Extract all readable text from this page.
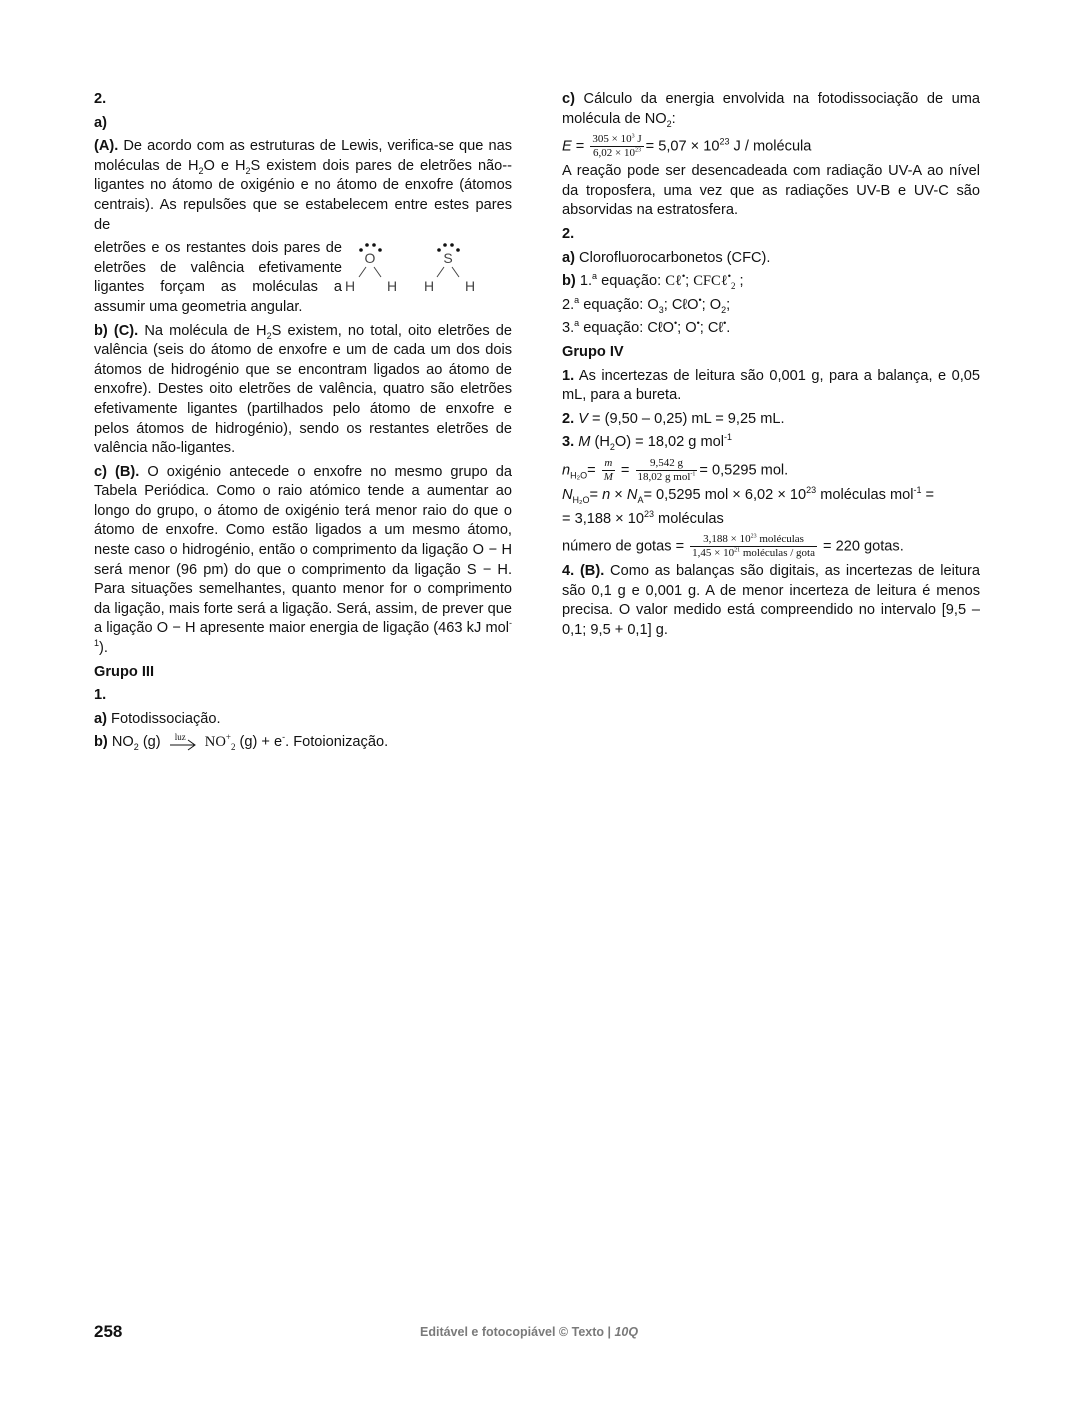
2.

a)

(A). De acordo com as estruturas de Lewis, verifica-se que nas moléculas de $H_2O$ e $H_2S$ existem dois pares de eletrões não--ligantes no átomo de oxigénio e no átomo de enxofre (átomos centrais). As repulsões que se estabelecem entre estes pares de

eletrões e os restantes dois pares de eletrões de valência efetivamente ligantes forçam as moléculas a assumir uma geometria angular.

O
H H
S
H H

b) (C). Na molécula de $H_2S$ existem, no total, oito eletrões de valência (seis do átomo de enxofre e um de cada um dos dois átomos de hidrogénio que se encontram ligados ao átomo de enxofre). Destes oito eletrões de valência, quatro são eletrões efetivamente ligantes (partilhados pelo átomo de enxofre e pelos átomos de hidrogénio), sendo os restantes eletrões de valência não-ligantes.

c) (B). O oxigénio antecede o enxofre no mesmo grupo da Tabela Periódica. Como o raio atómico tende a aumentar ao longo do grupo, o átomo de oxigénio terá menor raio do que o átomo de enxofre. Como estão ligados a um mesmo átomo, neste caso o hidrogénio, então o comprimento da ligação O − H será menor (96 pm) do que o comprimento da ligação S − H. Para situações semelhantes, quanto menor for o comprimento da ligação, mais forte será a ligação. Será, assim, de prever que a ligação O − H apresente maior energia de ligação (463 kJ mol$^{-1}$).

Grupo III

1.

a) Fotodissociação.

b) $NO_2$ (g) luz $NO^+_2$ (g) + e-. Fotoionização.

c) Cálculo da energia envolvida na fotodissociação de uma molécula de $NO_2$:

$E = \frac{305 \times 10^3 J}{6,02 \times 10^{23}} = 5,07 \times 10^{23}$ J / molécula

A reação pode ser desencadeada com radiação UV-A ao nível da troposfera, uma vez que as radiações UV-B e UV-C são absorvidas na estratosfera.

2.

a) Clorofluorocarbonetos (CFC).

b) 1.$^a$ equação: Cℓ•; CFCℓ•$_2$ ;

2.$^a$ equação: $O_3$; CℓO•; $O_2$;

3.$^a$ equação: CℓO•; O•; Cℓ•.

Grupo IV

1. As incertezas de leitura são 0,001 g, para a balança, e 0,05 mL, para a bureta.

2. V = (9,50 – 0,25) mL = 9,25 mL.

3. M $(H_2O) = 18,02$ g mol$^{-1}$

$n_{H_2O}= \frac{m}{M} = \frac{9,542 g}{18,02 g mol^{-1}} = 0,5295$ mol.

$N_{H_2O}= n \times N_A= 0,5295$ mol × $6,02 \times 10^{23}$ moléculas mol$^{-1}$ =

= $3,188 \times 10^{23}$ moléculas

número de gotas = $\frac{3,188 \times 10^{23} moléculas}{1,45 \times 10^{21} moléculas / gota} = 220$ gotas.

4. (B). Como as balanças são digitais, as incertezas de leitura são 0,1 g e 0,001 g. A de menor incerteza de leitura é menos precisa. O valor medido está compreendido no intervalo [9,5 – 0,1; 9,5 + 0,1] g.

258	Editável e fotocopiável © Texto | 10Q
